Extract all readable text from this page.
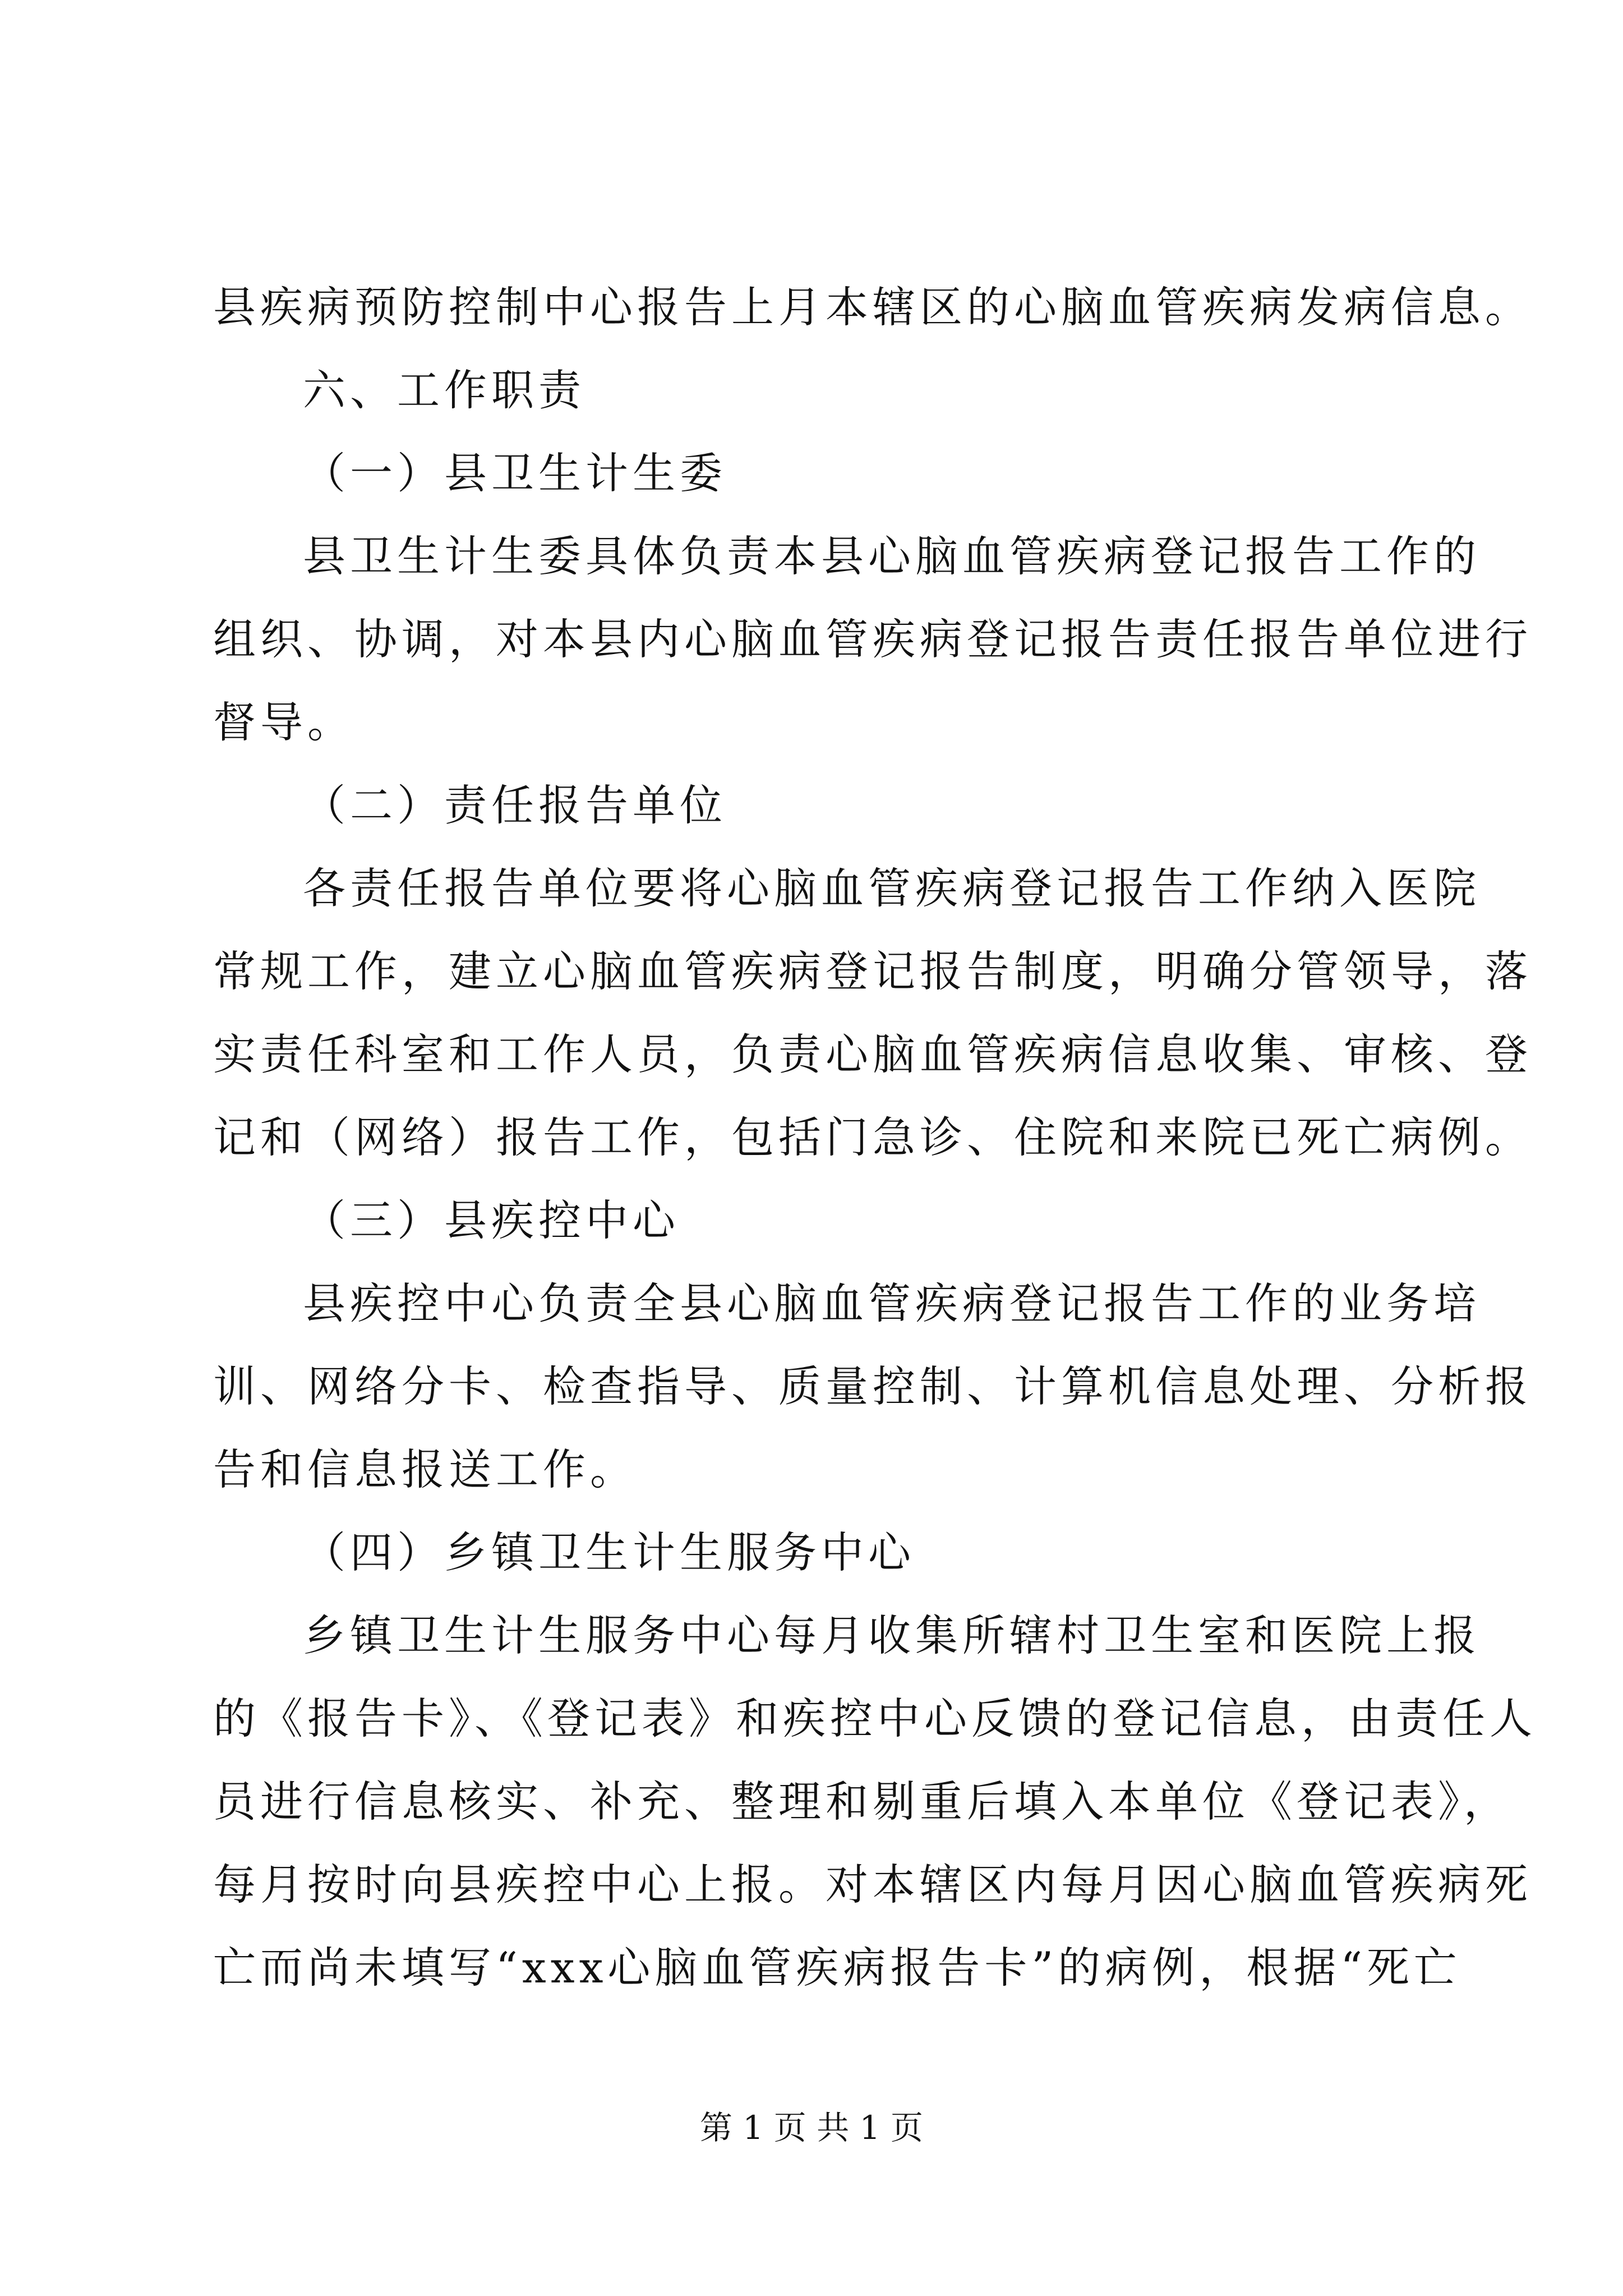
县疾病预防控制中心报告上月本辖区的心脑血管疾病发病信息。
六、工作职责
（一）县卫生计生委
县卫生计生委具体负责本县心脑血管疾病登记报告工作的
组织、协调，对本县内心脑血管疾病登记报告责任报告单位进行
督导。
（二）责任报告单位
各责任报告单位要将心脑血管疾病登记报告工作纳入医院
常规工作，建立心脑血管疾病登记报告制度，明确分管领导，落
实责任科室和工作人员，负责心脑血管疾病信息收集、审核、登
记和（网络）报告工作，包括门急诊、住院和来院已死亡病例。
（三）县疾控中心
县疾控中心负责全县心脑血管疾病登记报告工作的业务培
训、网络分卡、检查指导、质量控制、计算机信息处理、分析报
告和信息报送工作。
（四）乡镇卫生计生服务中心
乡镇卫生计生服务中心每月收集所辖村卫生室和医院上报
的《报告卡》、《登记表》和疾控中心反馈的登记信息，由责任人
员进行信息核实、补充、整理和剔重后填入本单位《登记表》，
每月按时向县疾控中心上报。对本辖区内每月因心脑血管疾病死
亡而尚未填写“xxx心脑血管疾病报告卡”的病例，根据“死亡
第 1 页 共 1 页
